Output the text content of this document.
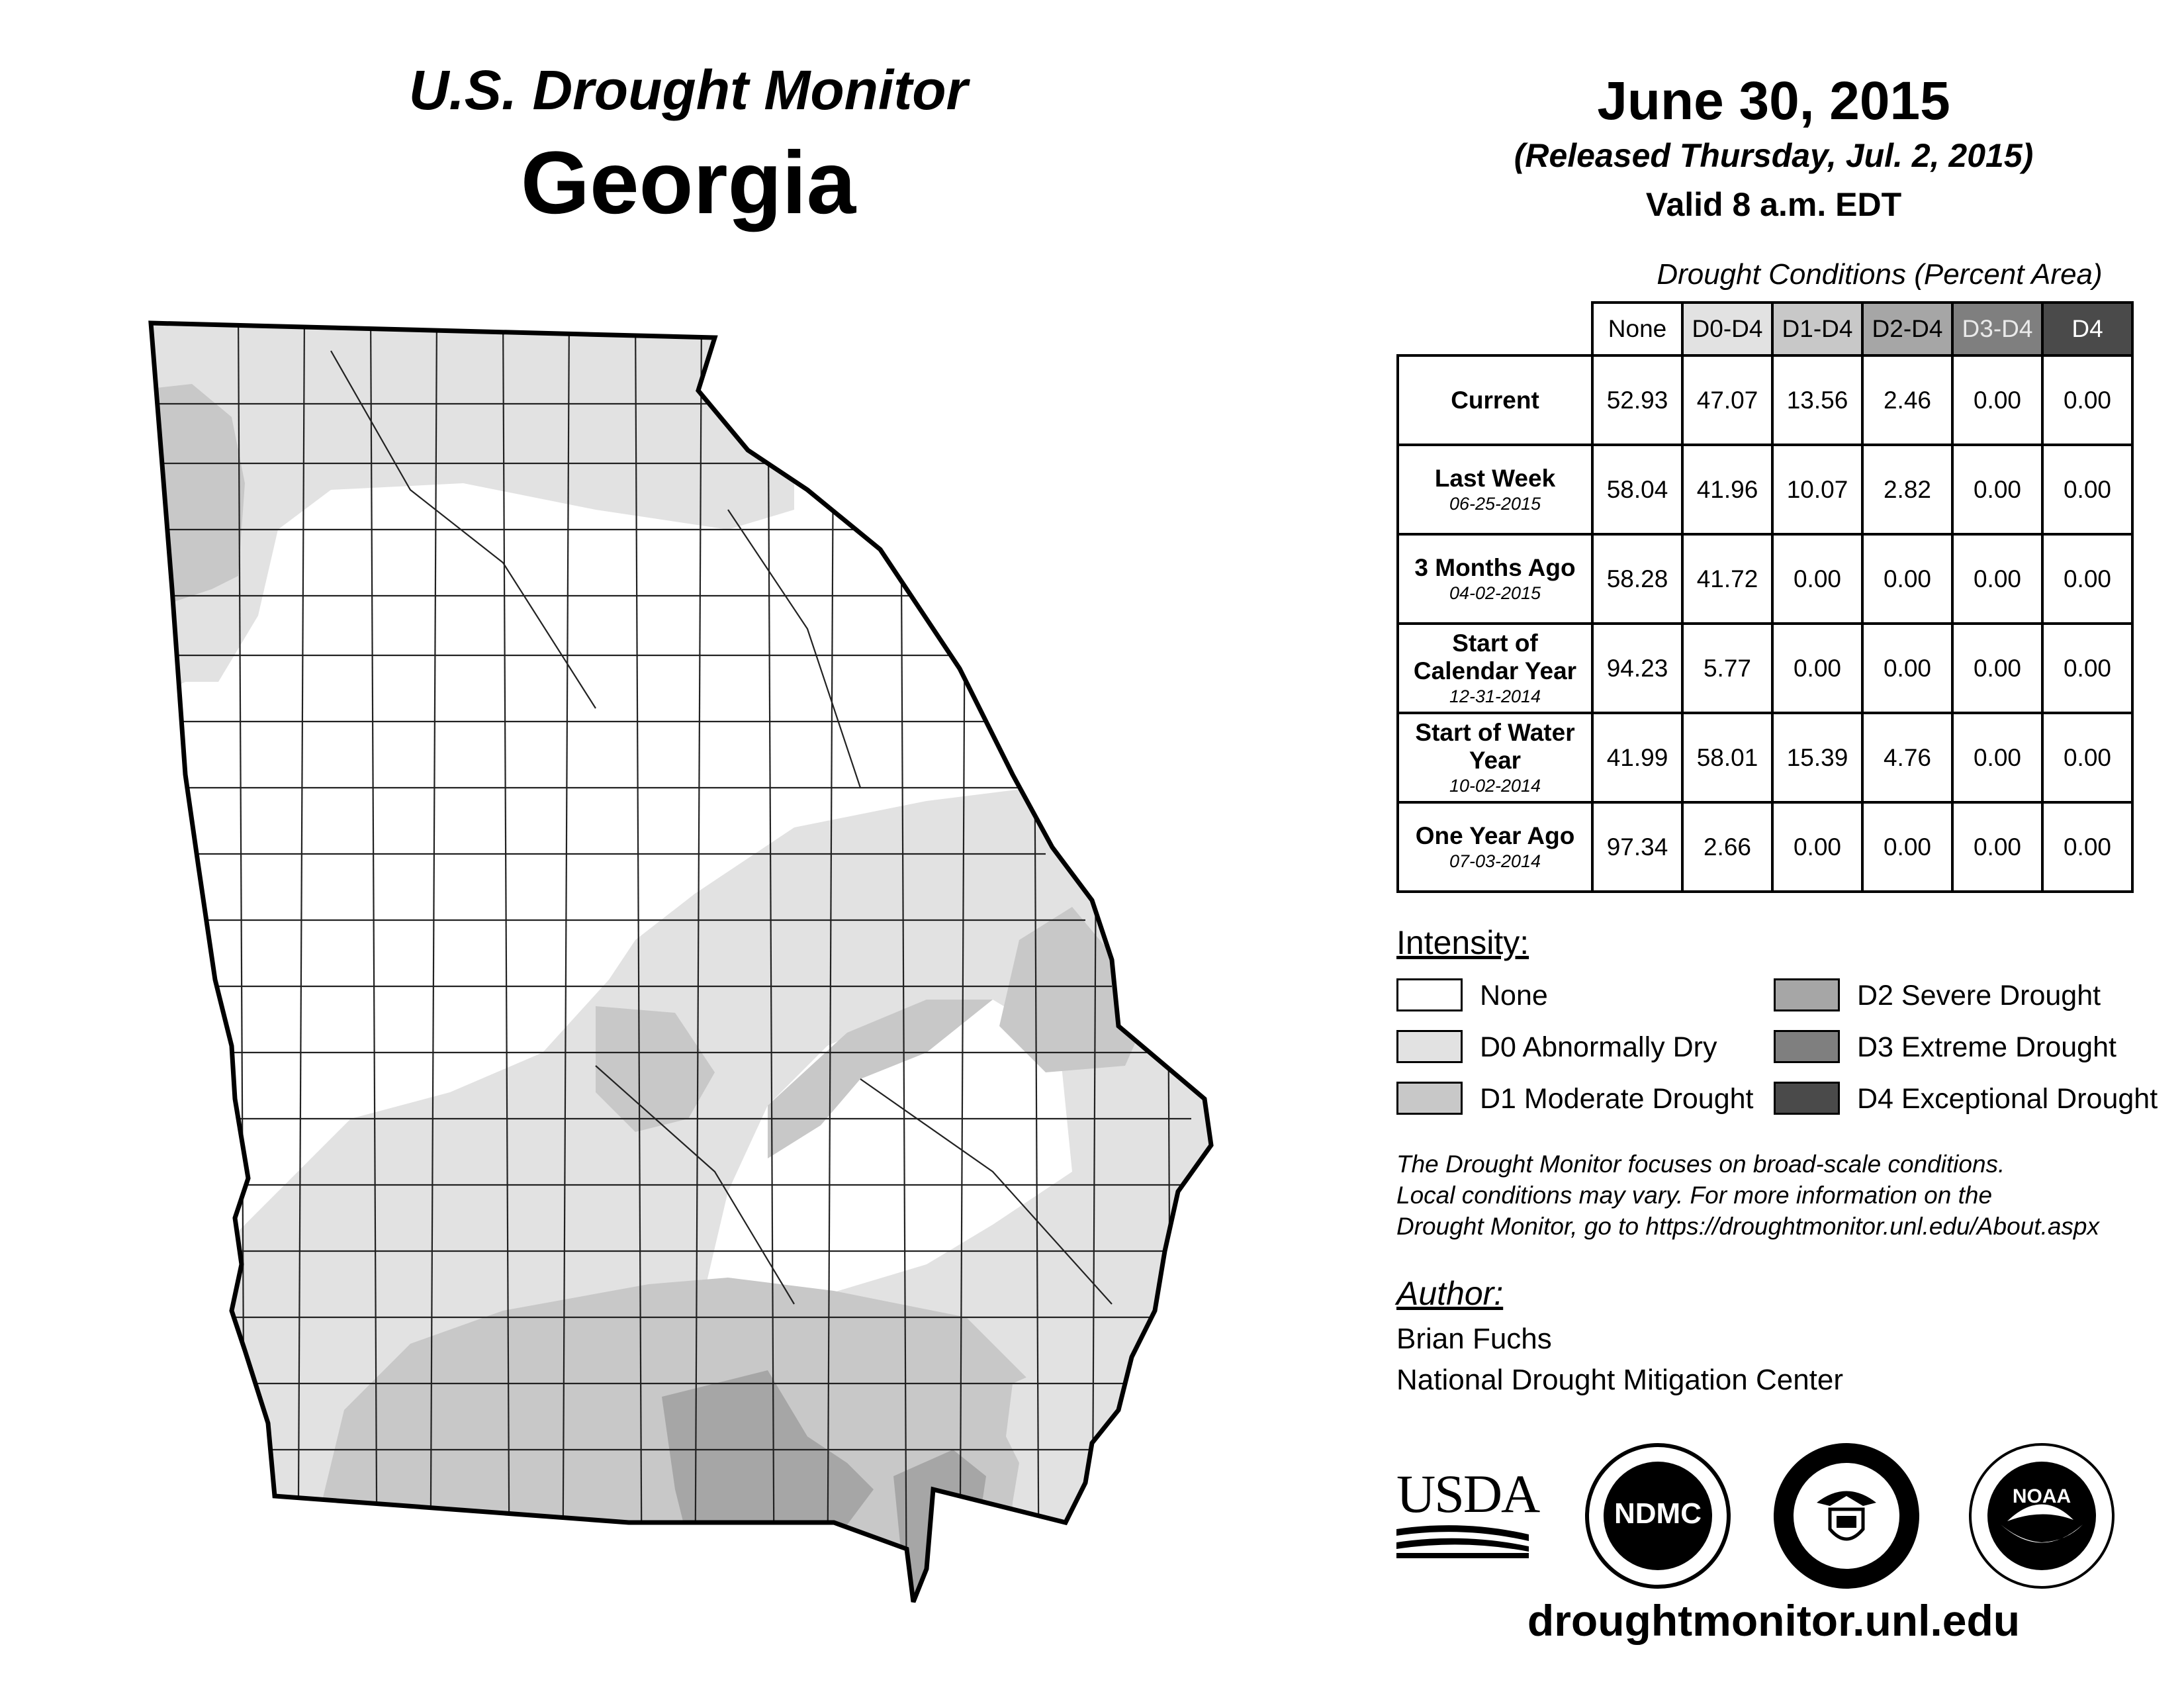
U.S. Drought Monitor
Georgia
June 30, 2015
(Released Thursday, Jul. 2, 2015)
Valid 8 a.m. EDT
Drought Conditions (Percent Area)
	None	D0-D4	D1-D4	D2-D4	D3-D4	D4
Current	52.93	47.07	13.56	2.46	0.00	0.00
Last Week
06-25-2015	58.04	41.96	10.07	2.82	0.00	0.00
3 Months Ago
04-02-2015	58.28	41.72	0.00	0.00	0.00	0.00
Start of Calendar Year
12-31-2014	94.23	5.77	0.00	0.00	0.00	0.00
Start of Water Year
10-02-2014	41.99	58.01	15.39	4.76	0.00	0.00
One Year Ago
07-03-2014	97.34	2.66	0.00	0.00	0.00	0.00
Intensity:
None
D0 Abnormally Dry
D1 Moderate Drought
D2 Severe Drought
D3 Extreme Drought
D4 Exceptional Drought
The Drought Monitor focuses on broad-scale conditions.
Local conditions may vary. For more information on the
Drought Monitor, go to https://droughtmonitor.unl.edu/About.aspx
Author:
Brian Fuchs
National Drought Mitigation Center
USDA	NDMC
NOAA
droughtmonitor.unl.edu
